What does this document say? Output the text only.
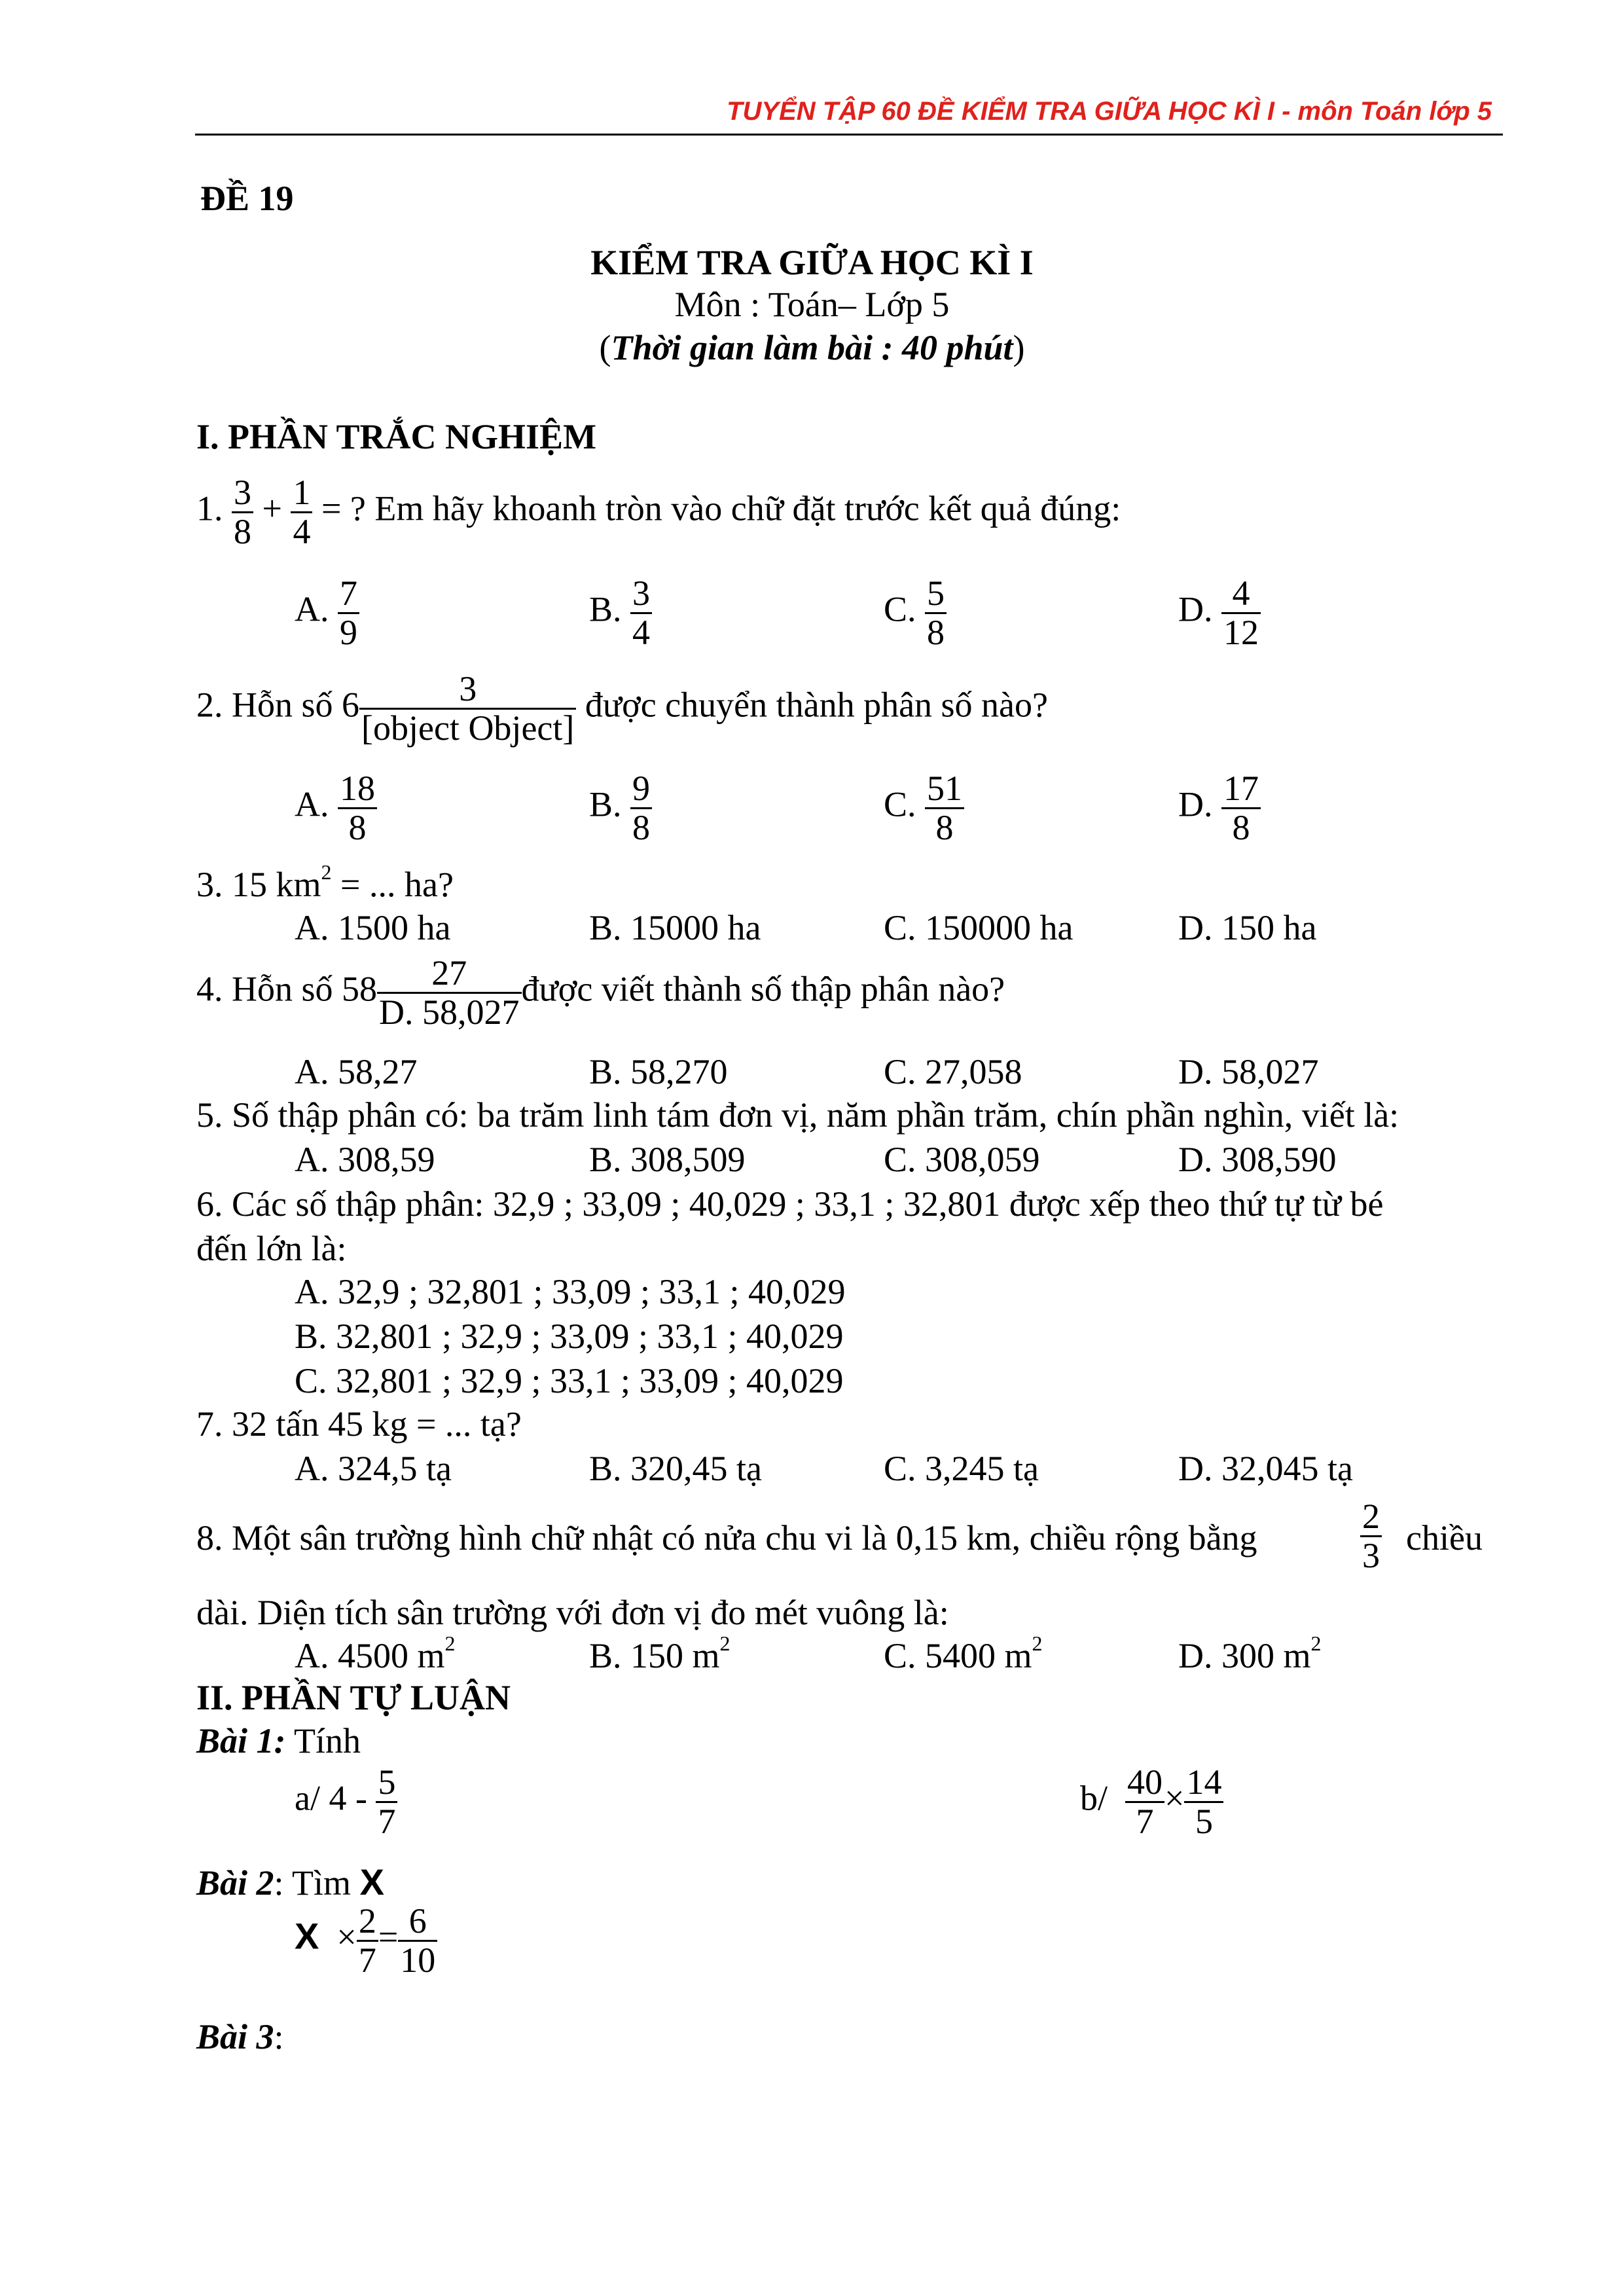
TUYỂN TẬP 60 ĐỀ KIỂM TRA GIỮA HỌC KÌ I - môn Toán lớp 5
ĐỀ 19
KIỂM TRA GIỮA HỌC KÌ I
Môn : Toán– Lớp 5
(Thời gian làm bài : 40 phút)
I. PHẦN TRẮC NGHIỆM
1. $\frac{3}{8} + \frac{1}{4}$ = ? Em hãy khoanh tròn vào chữ đặt trước kết quả đúng:
A. $\frac{7}{9}$	B. $\frac{3}{4}$	C. $\frac{5}{8}$	D. $\frac{4}{12}$
2. Hỗn số $6 \frac{3}{\text{[object Object]}}$ được chuyển thành phân số nào?
A. $\frac{18}{8}$	B. $\frac{9}{8}$	C. $\frac{51}{8}$	D. $\frac{17}{8}$
3. 15 $km^2$ = ... ha?
A. 1500 ha	B. 15000 ha	C. 150000 ha	D. 150 ha
4. Hỗn số $58 \frac{27}{D. 58,027}$ được viết thành số thập phân nào?
A. 58,27	B. 58,270	C. 27,058	D. 58,027
5. Số thập phân có: ba trăm linh tám đơn vị, năm phần trăm, chín phần nghìn, viết là:
A. 308,59	B. 308,509	C. 308,059	D. 308,590
6. Các số thập phân: 32,9 ; 33,09 ; 40,029 ; 33,1 ; 32,801 được xếp theo thứ tự từ bé
đến lớn là:
A. 32,9 ; 32,801 ; 33,09 ; 33,1 ; 40,029
B. 32,801 ; 32,9 ; 33,09 ; 33,1 ; 40,029
C. 32,801 ; 32,9 ; 33,1 ; 33,09 ; 40,029
7. 32 tấn 45 kg = ... tạ?
A. 324,5 tạ	B. 320,45 tạ	C. 3,245 tạ	D. 32,045 tạ
8. Một sân trường hình chữ nhật có nửa chu vi là 0,15 km, chiều rộng bằng	$\frac{2}{3}$ chiều
dài. Diện tích sân trường với đơn vị đo mét vuông là:
A. 4500 $m^2$	B. 150 $m^2$	C. 5400 $m^2$	D. 300 $m^2$
II. PHẦN TỰ LUẬN
Bài 1: Tính
a/ $4 - \frac{5}{7}$	$b/ \frac{40}{7} \times \frac{14}{5}$
Bài 2: Tìm X
$X \times \frac{2}{7} = \frac{6}{10}$
Bài 3:
